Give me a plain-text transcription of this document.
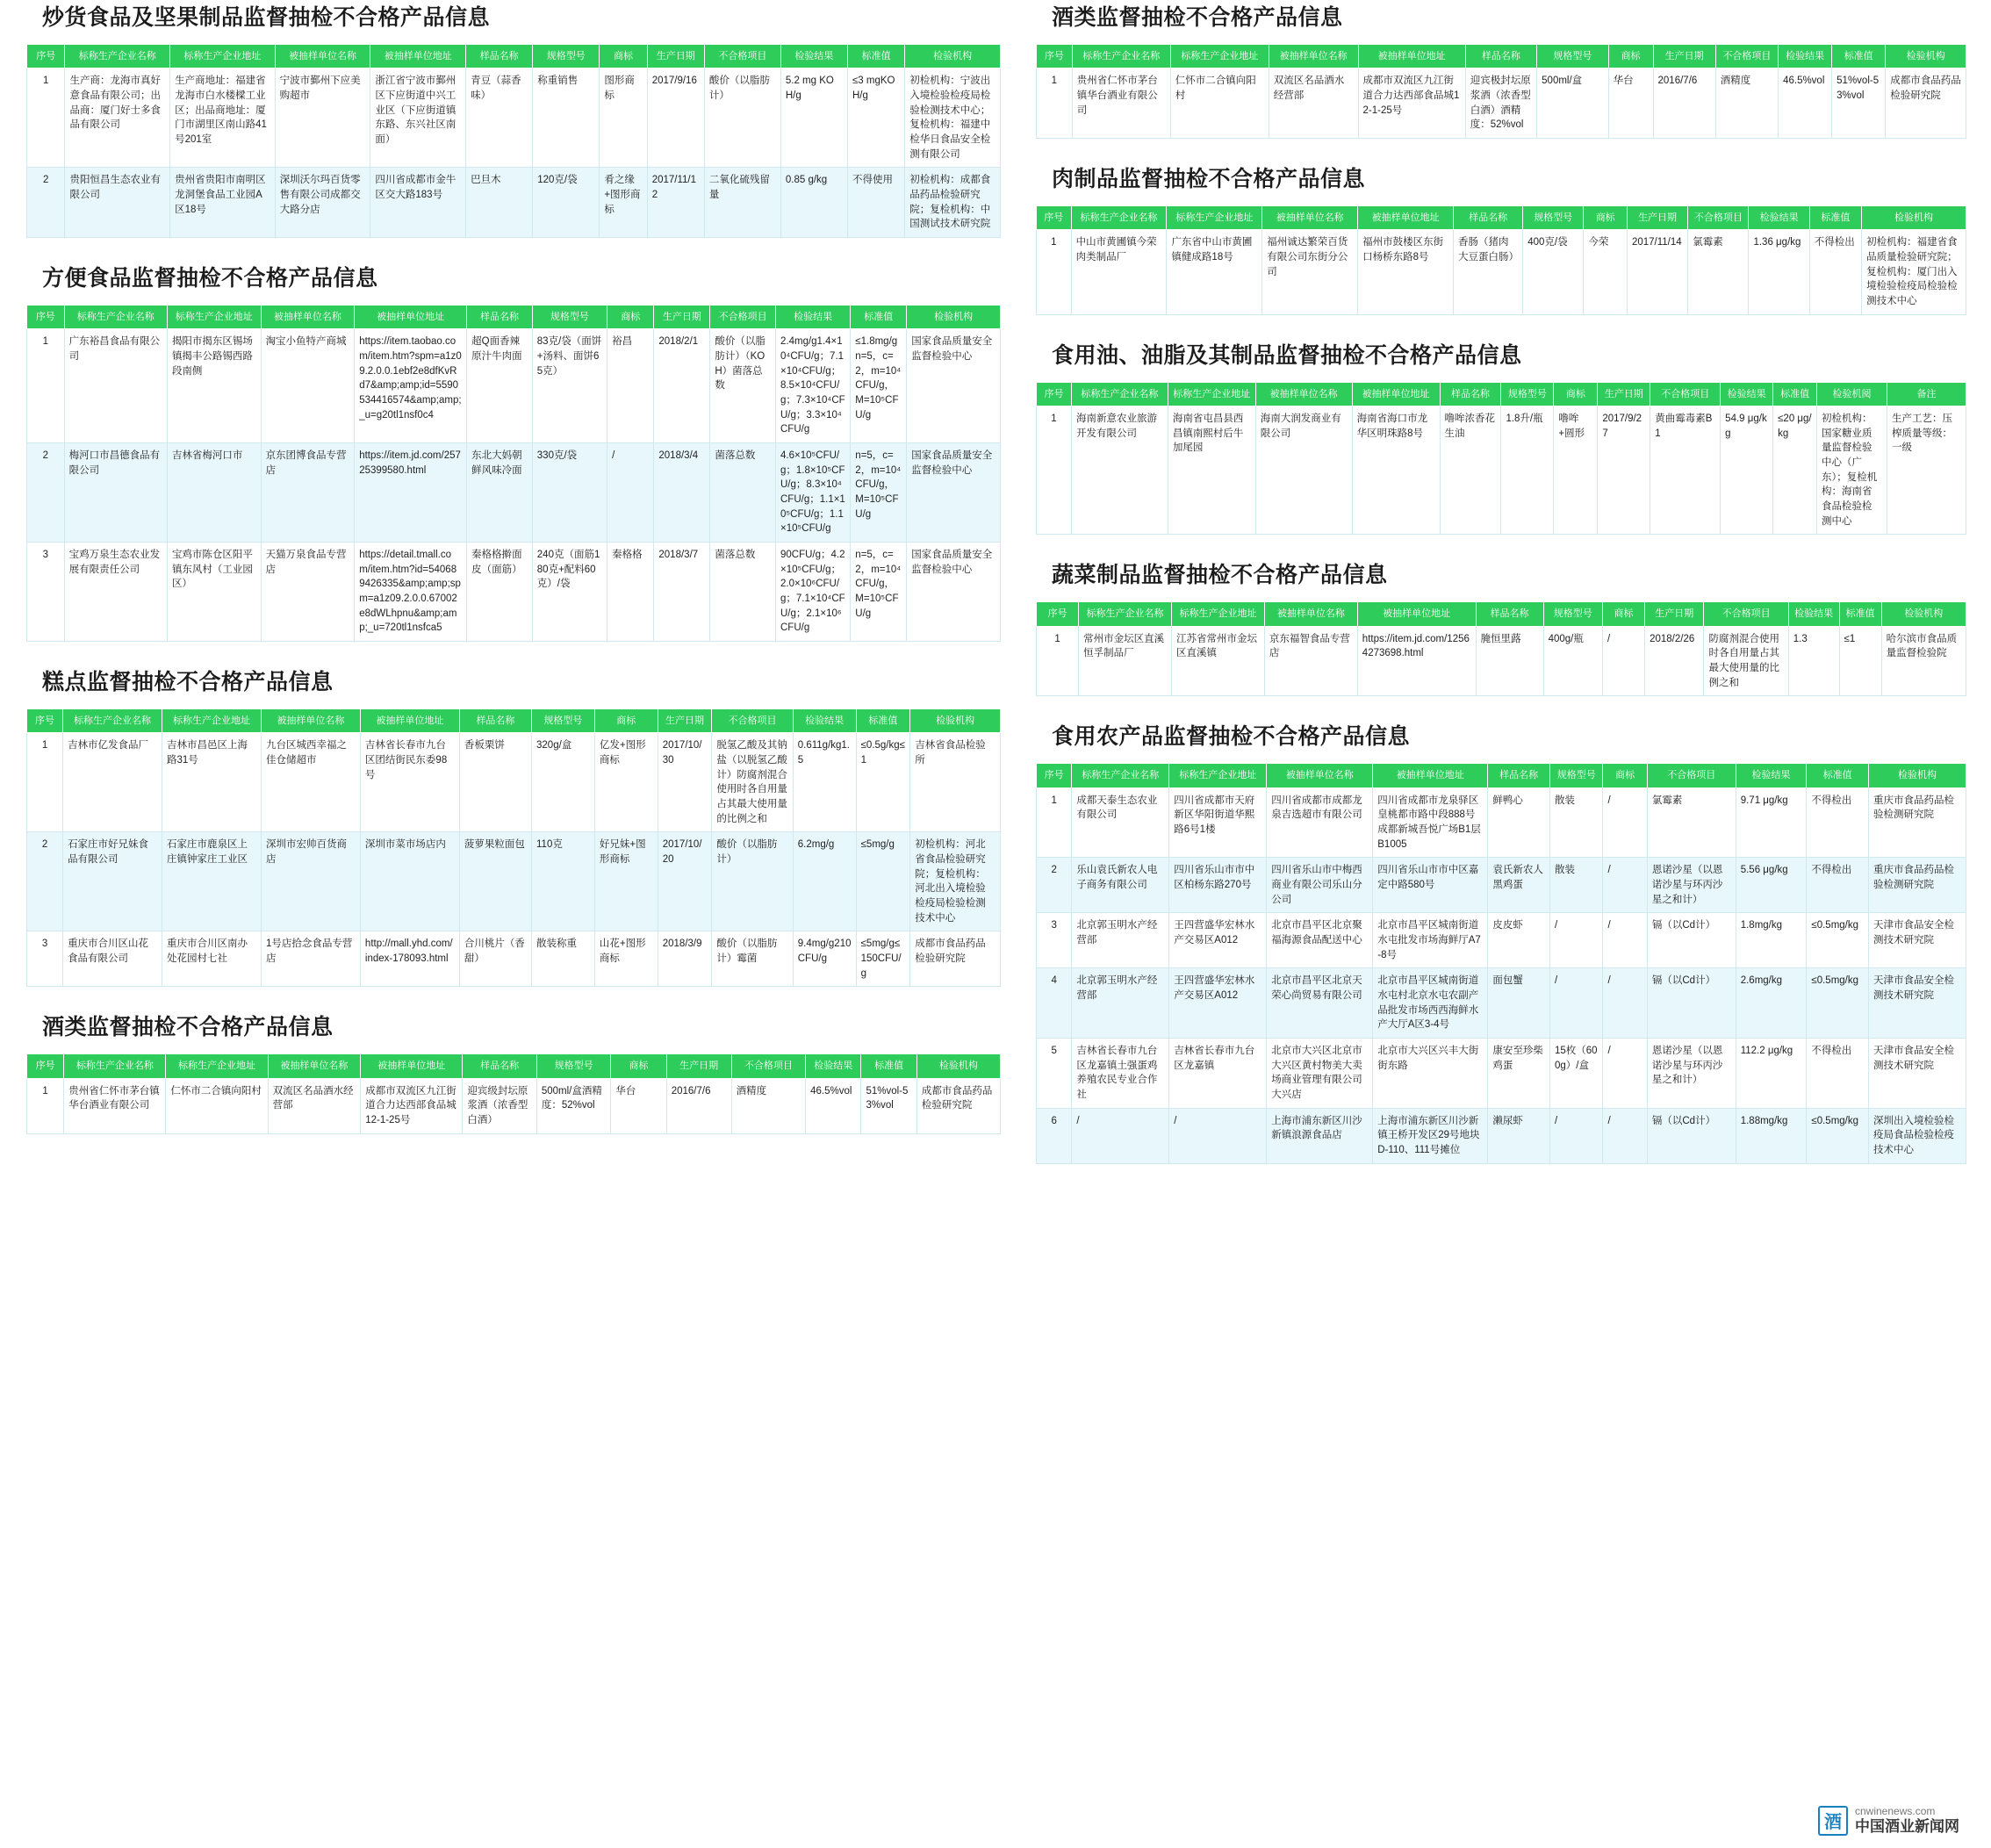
炒货食品及坚果制品监督抽检不合格产品信息
序号	标称生产企业名称	标称生产企业地址	被抽样单位名称	被抽样单位地址	样品名称	规格型号	商标	生产日期	不合格项目	检验结果	标准值	检验机构
1	生产商：龙海市真好意食品有限公司；出品商：厦门好士多食品有限公司	生产商地址：福建省龙海市白水楼樑工业区；出品商地址：厦门市湖里区南山路41号201室	宁波市鄞州下应美购超市	浙江省宁波市鄞州区下应街道中兴工业区（下应街道镇东路、东兴社区南面）	青豆（蒜香味）	称重销售	图形商标	2017/9/16	酸价（以脂肪计）	5.2 mg KOH/g	≤3 mgKOH/g	初检机构：宁波出入境检验检疫局检验检测技术中心；复检机构：福建中检华日食品安全检测有限公司
2	贵阳恒昌生态农业有限公司	贵州省贵阳市南明区龙洞堡食品工业园A区18号	深圳沃尔玛百货零售有限公司成都交大路分店	四川省成都市金牛区交大路183号	巴旦木	120克/袋	肴之缘+图形商标	2017/11/12	二氧化硫残留量	0.85 g/kg	不得使用	初检机构：成都食品药品检验研究院；复检机构：中国测试技术研究院
方便食品监督抽检不合格产品信息
序号	标称生产企业名称	标称生产企业地址	被抽样单位名称	被抽样单位地址	样品名称	规格型号	商标	生产日期	不合格项目	检验结果	标准值	检验机构
1	广东裕昌食品有限公司	揭阳市揭东区锡场镇揭丰公路锡西路段南侧	淘宝小鱼特产商城	https://item.taobao.com/item.htm?spm=a1z09.2.0.0.1ebf2e8dfKvRd7&amp;amp;id=5590534416574&amp;amp;_u=g20tl1nsf0c4	超Q面香辣原汁牛肉面	83克/袋（面饼+汤料、面饼65克）	裕昌	2018/2/1	酸价（以脂肪计）（KOH）菌落总数	2.4mg/g1.4×10⁴CFU/g；7.1×10⁴CFU/g；8.5×10⁴CFU/g；7.3×10⁴CFU/g；3.3×10⁴CFU/g	≤1.8mg/gn=5，c=2，m=10⁴CFU/g，M=10⁵CFU/g	国家食品质量安全监督检验中心
2	梅河口市昌德食品有限公司	吉林省梅河口市	京东团博食品专营店	https://item.jd.com/25725399580.html	东北大妈朝鲜风味冷面	330克/袋	/	2018/3/4	菌落总数	4.6×10⁵CFU/g；1.8×10⁵CFU/g；8.3×10⁴CFU/g；1.1×10⁵CFU/g；1.1×10⁵CFU/g	n=5，c=2，m=10⁴CFU/g，M=10⁵CFU/g	国家食品质量安全监督检验中心
3	宝鸡万泉生态农业发展有限责任公司	宝鸡市陈仓区阳平镇东风村（工业园区）	天猫万泉食品专营店	https://detail.tmall.com/item.htm?id=540689426335&amp;amp;spm=a1z09.2.0.0.67002e8dWLhpnu&amp;amp;_u=720tl1nsfca5	秦格格擀面皮（面筋）	240克（面筋180克+配料60克）/袋	秦格格	2018/3/7	菌落总数	90CFU/g；4.2×10⁵CFU/g；2.0×10⁶CFU/g；7.1×10⁴CFU/g；2.1×10⁶CFU/g	n=5，c=2，m=10⁴CFU/g，M=10⁵CFU/g	国家食品质量安全监督检验中心
糕点监督抽检不合格产品信息
序号	标称生产企业名称	标称生产企业地址	被抽样单位名称	被抽样单位地址	样品名称	规格型号	商标	生产日期	不合格项目	检验结果	标准值	检验机构
1	吉林市亿发食品厂	吉林市昌邑区上海路31号	九台区城西幸福之佳仓储超市	吉林省长春市九台区团结街民东委98号	香板栗饼	320g/盒	亿发+图形商标	2017/10/30	脱氢乙酸及其钠盐（以脱氢乙酸计）防腐剂混合使用时各自用量占其最大使用量的比例之和	0.611g/kg1.5	≤0.5g/kg≤1	吉林省食品检验所
2	石家庄市好兄妹食品有限公司	石家庄市鹿泉区上庄镇钟家庄工业区	深圳市宏帅百货商店	深圳市菜市场店内	菠萝果粒面包	110克	好兄妹+图形商标	2017/10/20	酸价（以脂肪计）	6.2mg/g	≤5mg/g	初检机构：河北省食品检验研究院；复检机构：河北出入境检验检疫局检验检测技术中心
3	重庆市合川区山花食品有限公司	重庆市合川区南办处花园村七社	1号店拾念食品专营店	http://mall.yhd.com/index-178093.html	合川桃片（香甜）	散装称重	山花+图形商标	2018/3/9	酸价（以脂肪计）霉菌	9.4mg/g210CFU/g	≤5mg/g≤150CFU/g	成都市食品药品检验研究院
酒类监督抽检不合格产品信息
序号	标称生产企业名称	标称生产企业地址	被抽样单位名称	被抽样单位地址	样品名称	规格型号	商标	生产日期	不合格项目	检验结果	标准值	检验机构
1	贵州省仁怀市茅台镇华台酒业有限公司	仁怀市二合镇向阳村	双流区名品酒水经营部	成都市双流区九江街道合力达西部食品城12-1-25号	迎宾级封坛原浆酒（浓香型白酒）	500ml/盒酒精度：52%vol	华台	2016/7/6	酒精度	46.5%vol	51%vol-53%vol	成都市食品药品检验研究院
酒类监督抽检不合格产品信息
序号	标称生产企业名称	标称生产企业地址	被抽样单位名称	被抽样单位地址	样品名称	规格型号	商标	生产日期	不合格项目	检验结果	标准值	检验机构
1	贵州省仁怀市茅台镇华台酒业有限公司	仁怀市二合镇向阳村	双流区名品酒水经营部	成都市双流区九江街道合力达西部食品城12-1-25号	迎宾极封坛原浆酒（浓香型白酒）酒精度：52%vol	500ml/盒	华台	2016/7/6	酒精度	46.5%vol	51%vol-53%vol	成都市食品药品检验研究院
肉制品监督抽检不合格产品信息
序号	标称生产企业名称	标称生产企业地址	被抽样单位名称	被抽样单位地址	样品名称	规格型号	商标	生产日期	不合格项目	检验结果	标准值	检验机构
1	中山市黄圃镇今荣肉类制品厂	广东省中山市黄圃镇健成路18号	福州诚达繁荣百货有限公司东街分公司	福州市鼓楼区东街口杨桥东路8号	香肠（猪肉大豆蛋白肠）	400克/袋	今荣	2017/11/14	氯霉素	1.36 μg/kg	不得检出	初检机构：福建省食品质量检验研究院；复检机构：厦门出入境检验检疫局检验检测技术中心
食用油、油脂及其制品监督抽检不合格产品信息
序号	标称生产企业名称	标称生产企业地址	被抽样单位名称	被抽样单位地址	样品名称	规格型号	商标	生产日期	不合格项目	检验结果	标准值	检验机阅	备注
1	海南新意农业旅游开发有限公司	海南省屯昌县西昌镇南熙村后牛加尾园	海南大润发商业有限公司	海南省海口市龙华区明珠路8号	噜哞浓香花生油	1.8升/瓶	噜哞+圆形	2017/9/27	黄曲霉毒素B1	54.9 μg/kg	≤20 μg/kg	初检机构：国家糖业质量监督检验中心（广东）；复检机构：海南省食品检验检测中心	生产工艺：压榨质量等级：一级
蔬菜制品监督抽检不合格产品信息
序号	标称生产企业名称	标称生产企业地址	被抽样单位名称	被抽样单位地址	样品名称	规格型号	商标	生产日期	不合格项目	检验结果	标准值	检验机构
1	常州市金坛区直溪恒孚制品厂	江苏省常州市金坛区直溪镇	京东福智食品专营店	https://item.jd.com/12564273698.html	腌恒里蕗	400g/瓶	/	2018/2/26	防腐剂混合使用时各自用量占其最大使用量的比例之和	1.3	≤1	哈尔滨市食品质量监督检验院
食用农产品监督抽检不合格产品信息
序号	标称生产企业名称	标称生产企业地址	被抽样单位名称	被抽样单位地址	样品名称	规格型号	商标	不合格项目	检验结果	标准值	检验机构
1	成都天泰生态农业有限公司	四川省成都市天府新区华阳街道华熙路6号1楼	四川省成都市成都龙泉吉选超市有限公司	四川省成都市龙泉驿区皇桃都市路中段888号成都新城吾悦广场B1层B1005	鲜鸭心	散装	/	氯霉素	9.71 μg/kg	不得检出	重庆市食品药品检验检测研究院
2	乐山袁氏新农人电子商务有限公司	四川省乐山市市中区柏杨东路270号	四川省乐山市中梅西商业有限公司乐山分公司	四川省乐山市市中区嘉定中路580号	袁氏新农人黑鸡蛋	散装	/	恩诺沙星（以恩诺沙星与环丙沙星之和计）	5.56 μg/kg	不得检出	重庆市食品药品检验检测研究院
3	北京郭玉明水产经营部	王四营盛华宏林水产交易区A012	北京市昌平区北京聚福海源食品配送中心	北京市昌平区城南街道水屯批发市场海鲜厅A7-8号	皮皮虾	/	/	镉（以Cd计）	1.8mg/kg	≤0.5mg/kg	天津市食品安全检测技术研究院
4	北京郭玉明水产经营部	王四营盛华宏林水产交易区A012	北京市昌平区北京天荣心尚贸易有限公司	北京市昌平区城南街道水屯村北京水屯农副产品批发市场西西海鲜水产大厅A区3-4号	面包蟹	/	/	镉（以Cd计）	2.6mg/kg	≤0.5mg/kg	天津市食品安全检测技术研究院
5	吉林省长春市九台区龙嘉镇土强蛋鸡养殖农民专业合作社	吉林省长春市九台区龙嘉镇	北京市大兴区北京市大兴区黄村物美大卖场商业管理有限公司大兴店	北京市大兴区兴丰大街街东路	康安至珍柴鸡蛋	15枚（600g）/盒	/	恩诺沙星（以恩诺沙星与环丙沙星之和计）	112.2 μg/kg	不得检出	天津市食品安全检测技术研究院
6	/	/	上海市浦东新区川沙新镇浪源食品店	上海市浦东新区川沙新镇王桥开发区29号地块D-110、111号摊位	濑尿虾	/	/	镉（以Cd计）	1.88mg/kg	≤0.5mg/kg	深圳出入境检验检疫局食品检验检疫技术中心
酒
cnwinenews.com
中国酒业新闻网
